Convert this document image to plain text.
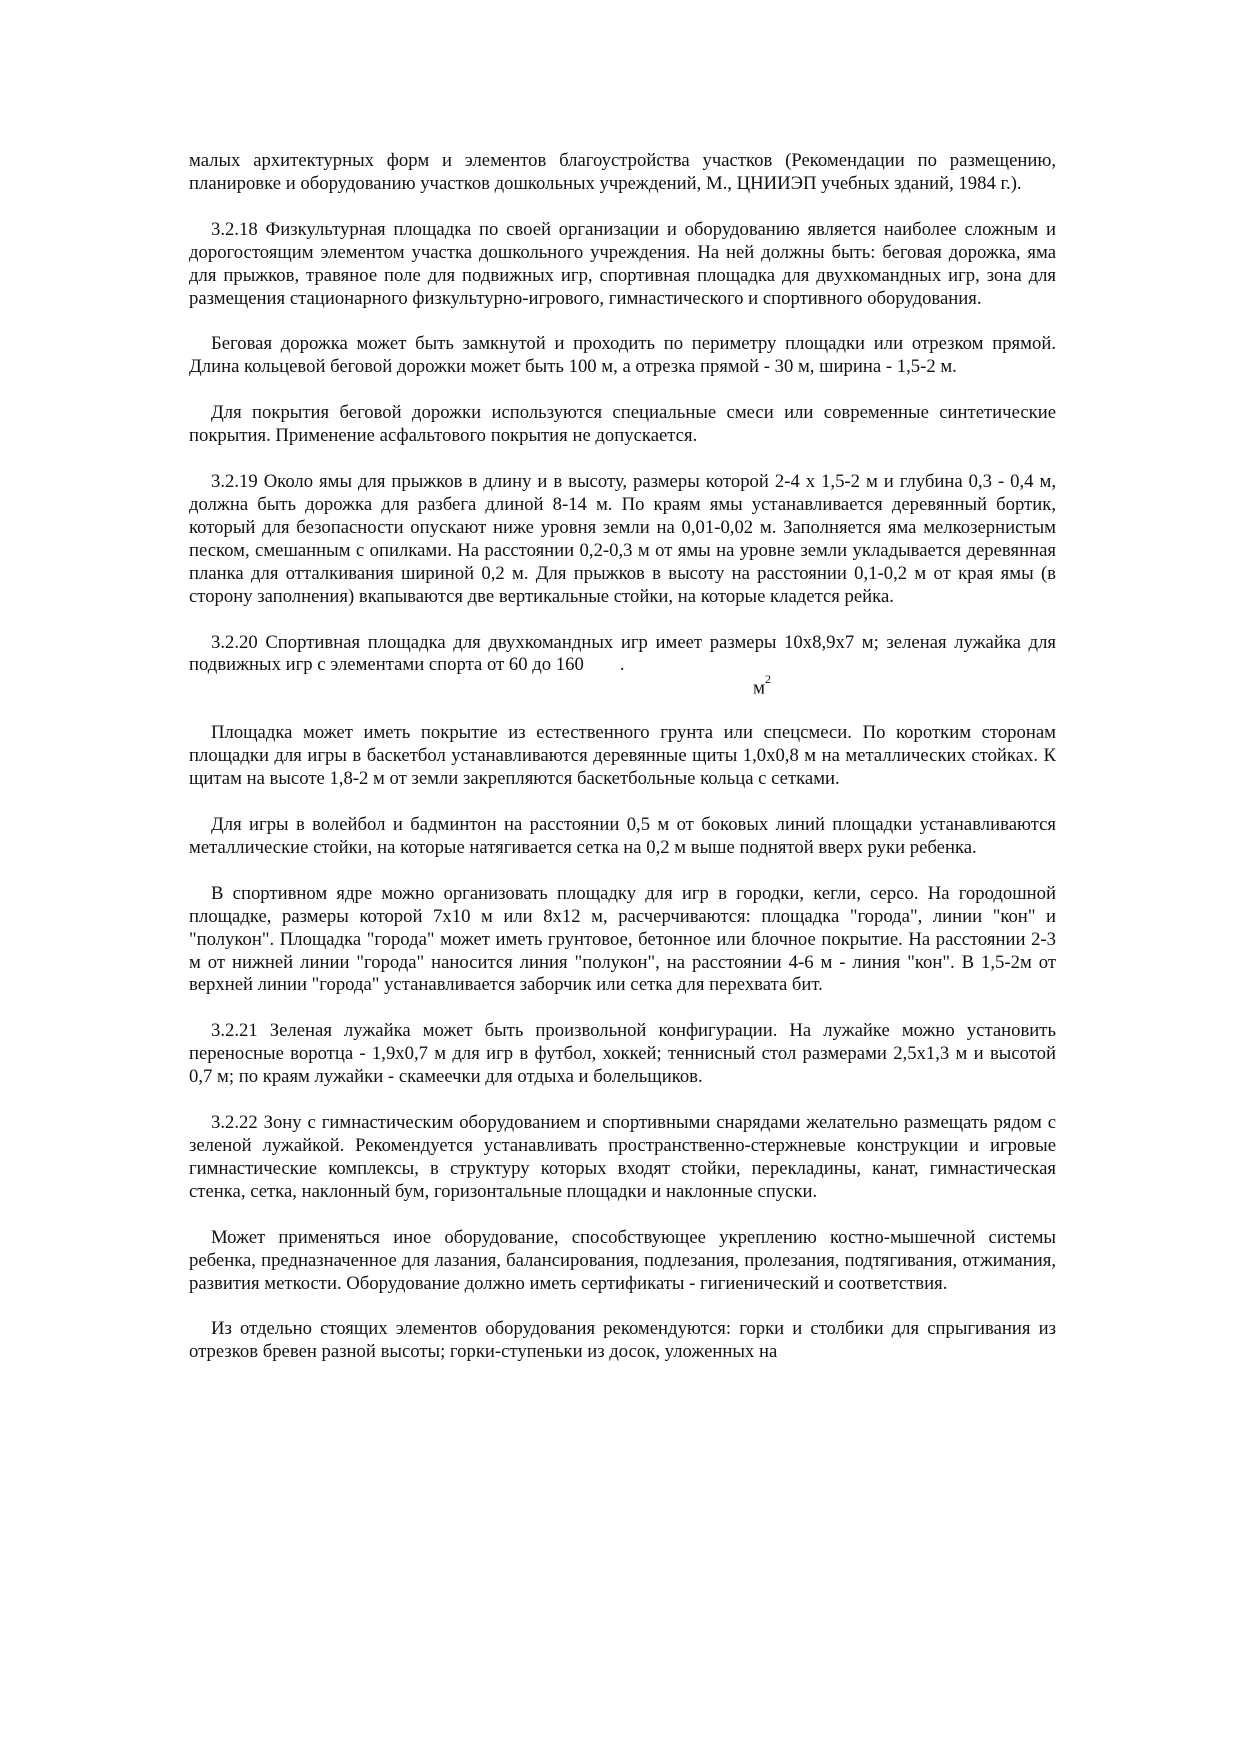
малых архитектурных форм и элементов благоустройства участков (Рекомендации по размещению, планировке и оборудованию участков дошкольных учреждений, М., ЦНИИЭП учебных зданий, 1984 г.).

3.2.18 Физкультурная площадка по своей организации и оборудованию является наиболее сложным и дорогостоящим элементом участка дошкольного учреждения. На ней должны быть: беговая дорожка, яма для прыжков, травяное поле для подвижных игр, спортивная площадка для двухкомандных игр, зона для размещения стационарного физкультурно-игрового, гимнастического и спортивного оборудования.

Беговая дорожка может быть замкнутой и проходить по периметру площадки или отрезком прямой. Длина кольцевой беговой дорожки может быть 100 м, а отрезка прямой - 30 м, ширина - 1,5-2 м.

Для покрытия беговой дорожки используются специальные смеси или современные синтетические покрытия. Применение асфальтового покрытия не допускается.

3.2.19 Около ямы для прыжков в длину и в высоту, размеры которой 2-4 х 1,5-2 м и глубина 0,3 - 0,4 м, должна быть дорожка для разбега длиной 8-14 м. По краям ямы устанавливается деревянный бортик, который для безопасности опускают ниже уровня земли на 0,01-0,02 м. Заполняется яма мелкозернистым песком, смешанным с опилками. На расстоянии 0,2-0,3 м от ямы на уровне земли укладывается деревянная планка для отталкивания шириной 0,2 м. Для прыжков в высоту на расстоянии 0,1-0,2 м от края ямы (в сторону заполнения) вкапываются две вертикальные стойки, на которые кладется рейка.

3.2.20 Спортивная площадка для двухкомандных игр имеет размеры 10х8,9х7 м; зеленая лужайка для подвижных игр с элементами спорта от 60 до 160 .

$м^2$

Площадка может иметь покрытие из естественного грунта или спецсмеси. По коротким сторонам площадки для игры в баскетбол устанавливаются деревянные щиты 1,0х0,8 м на металлических стойках. К щитам на высоте 1,8-2 м от земли закрепляются баскетбольные кольца с сетками.

Для игры в волейбол и бадминтон на расстоянии 0,5 м от боковых линий площадки устанавливаются металлические стойки, на которые натягивается сетка на 0,2 м выше поднятой вверх руки ребенка.

В спортивном ядре можно организовать площадку для игр в городки, кегли, серсо. На городошной площадке, размеры которой 7х10 м или 8х12 м, расчерчиваются: площадка "города", линии "кон" и "полукон". Площадка "города" может иметь грунтовое, бетонное или блочное покрытие. На расстоянии 2-3 м от нижней линии "города" наносится линия "полукон", на расстоянии 4-6 м - линия "кон". В 1,5-2м от верхней линии "города" устанавливается заборчик или сетка для перехвата бит.

3.2.21 Зеленая лужайка может быть произвольной конфигурации. На лужайке можно установить переносные воротца - 1,9х0,7 м для игр в футбол, хоккей; теннисный стол размерами 2,5х1,3 м и высотой 0,7 м; по краям лужайки - скамеечки для отдыха и болельщиков.

3.2.22 Зону с гимнастическим оборудованием и спортивными снарядами желательно размещать рядом с зеленой лужайкой. Рекомендуется устанавливать пространственно-стержневые конструкции и игровые гимнастические комплексы, в структуру которых входят стойки, перекладины, канат, гимнастическая стенка, сетка, наклонный бум, горизонтальные площадки и наклонные спуски.

Может применяться иное оборудование, способствующее укреплению костно-мышечной системы ребенка, предназначенное для лазания, балансирования, подлезания, пролезания, подтягивания, отжимания, развития меткости. Оборудование должно иметь сертификаты - гигиенический и соответствия.

Из отдельно стоящих элементов оборудования рекомендуются: горки и столбики для спрыгивания из отрезков бревен разной высоты; горки-ступеньки из досок, уложенных на
